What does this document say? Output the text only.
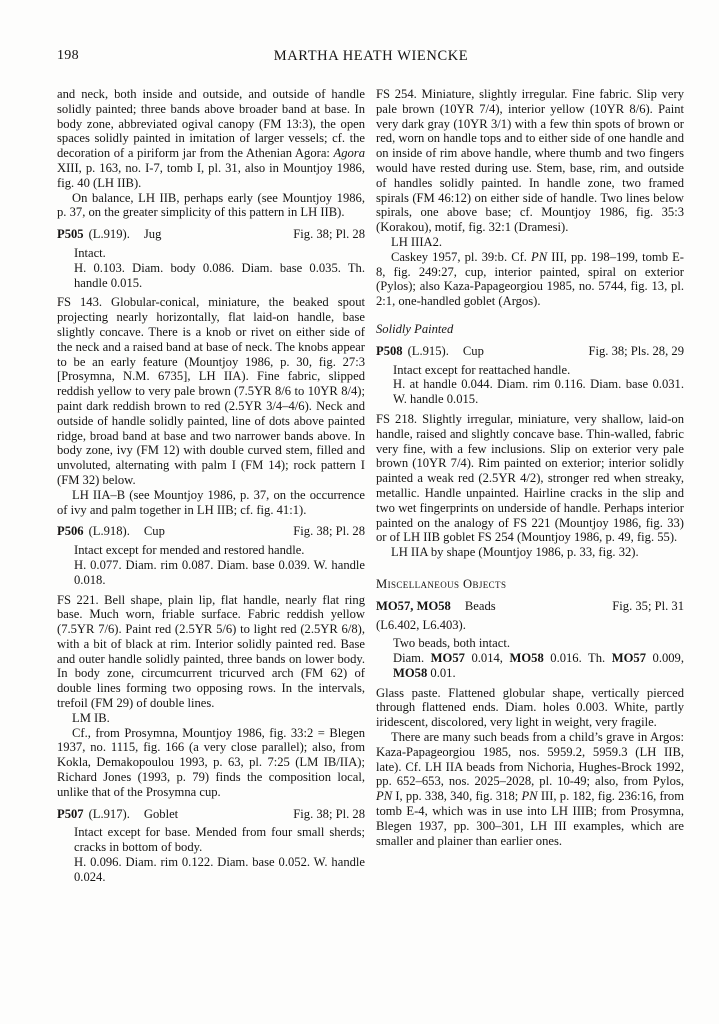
198	MARTHA HEATH WIENCKE

and neck, both inside and outside, and outside of handle solidly painted; three bands above broader band at base. In body zone, abbreviated ogival canopy (FM 13:3), the open spaces solidly painted in imitation of larger vessels; cf. the decoration of a piriform jar from the Athenian Agora: Agora XIII, p. 163, no. I-7, tomb I, pl. 31, also in Mountjoy 1986, fig. 40 (LH IIB).

On balance, LH IIB, perhaps early (see Mountjoy 1986, p. 37, on the greater simplicity of this pattern in LH IIB).

P505 (L.919). Jug	Fig. 38; Pl. 28

Intact.

H. 0.103. Diam. body 0.086. Diam. base 0.035. Th. handle 0.015.

FS 143. Globular-conical, miniature, the beaked spout projecting nearly horizontally, flat laid-on handle, base slightly concave. There is a knob or rivet on either side of the neck and a raised band at base of neck. The knobs appear to be an early feature (Mountjoy 1986, p. 30, fig. 27:3 [Prosymna, N.M. 6735], LH IIA). Fine fabric, slipped reddish yellow to very pale brown (7.5YR 8/6 to 10YR 8/4); paint dark reddish brown to red (2.5YR 3/4–4/6). Neck and outside of handle solidly painted, line of dots above painted ridge, broad band at base and two narrower bands above. In body zone, ivy (FM 12) with double curved stem, filled and unvoluted, alternating with palm I (FM 14); rock pattern I (FM 32) below.

LH IIA–B (see Mountjoy 1986, p. 37, on the occurrence of ivy and palm together in LH IIB; cf. fig. 41:1).

P506 (L.918). Cup	Fig. 38; Pl. 28

Intact except for mended and restored handle.

H. 0.077. Diam. rim 0.087. Diam. base 0.039. W. handle 0.018.

FS 221. Bell shape, plain lip, flat handle, nearly flat ring base. Much worn, friable surface. Fabric reddish yellow (7.5YR 7/6). Paint red (2.5YR 5/6) to light red (2.5YR 6/8), with a bit of black at rim. Interior solidly painted red. Base and outer handle solidly painted, three bands on lower body. In body zone, circumcurrent tricurved arch (FM 62) of double lines forming two opposing rows. In the intervals, trefoil (FM 29) of double lines.

LM IB.

Cf., from Prosymna, Mountjoy 1986, fig. 33:2 = Blegen 1937, no. 1115, fig. 166 (a very close parallel); also, from Kokla, Demakopoulou 1993, p. 63, pl. 7:25 (LM IB/IIA); Richard Jones (1993, p. 79) finds the composition local, unlike that of the Prosymna cup.

P507 (L.917). Goblet	Fig. 38; Pl. 28

Intact except for base. Mended from four small sherds; cracks in bottom of body.

H. 0.096. Diam. rim 0.122. Diam. base 0.052. W. handle 0.024.

FS 254. Miniature, slightly irregular. Fine fabric. Slip very pale brown (10YR 7/4), interior yellow (10YR 8/6). Paint very dark gray (10YR 3/1) with a few thin spots of brown or red, worn on handle tops and to either side of one handle and on inside of rim above handle, where thumb and two fingers would have rested during use. Stem, base, rim, and outside of handles solidly painted. In handle zone, two framed spirals (FM 46:12) on either side of handle. Two lines below spirals, one above base; cf. Mountjoy 1986, fig. 35:3 (Korakou), motif, fig. 32:1 (Dramesi).

LH IIIA2.

Caskey 1957, pl. 39:b. Cf. PN III, pp. 198–199, tomb E-8, fig. 249:27, cup, interior painted, spiral on exterior (Pylos); also Kaza-Papageorgiou 1985, no. 5744, fig. 13, pl. 2:1, one-handled goblet (Argos).

Solidly Painted

P508 (L.915). Cup	Fig. 38; Pls. 28, 29

Intact except for reattached handle.

H. at handle 0.044. Diam. rim 0.116. Diam. base 0.031. W. handle 0.015.

FS 218. Slightly irregular, miniature, very shallow, laid-on handle, raised and slightly concave base. Thin-walled, fabric very fine, with a few inclusions. Slip on exterior very pale brown (10YR 7/4). Rim painted on exterior; interior solidly painted a weak red (2.5YR 4/2), stronger red when streaky, metallic. Handle unpainted. Hairline cracks in the slip and two wet fingerprints on underside of handle. Perhaps interior painted on the analogy of FS 221 (Mountjoy 1986, fig. 33) or of LH IIB goblet FS 254 (Mountjoy 1986, p. 49, fig. 55).

LH IIA by shape (Mountjoy 1986, p. 33, fig. 32).

Miscellaneous Objects

MO57, MO58 Beads	Fig. 35; Pl. 31

(L6.402, L6.403).

Two beads, both intact.

Diam. MO57 0.014, MO58 0.016. Th. MO57 0.009, MO58 0.01.

Glass paste. Flattened globular shape, vertically pierced through flattened ends. Diam. holes 0.003. White, partly iridescent, discolored, very light in weight, very fragile.

There are many such beads from a child’s grave in Argos: Kaza-Papageorgiou 1985, nos. 5959.2, 5959.3 (LH IIB, late). Cf. LH IIA beads from Nichoria, Hughes-Brock 1992, pp. 652–653, nos. 2025–2028, pl. 10-49; also, from Pylos, PN I, pp. 338, 340, fig. 318; PN III, p. 182, fig. 236:16, from tomb E-4, which was in use into LH IIIB; from Prosymna, Blegen 1937, pp. 300–301, LH III examples, which are smaller and plainer than earlier ones.
